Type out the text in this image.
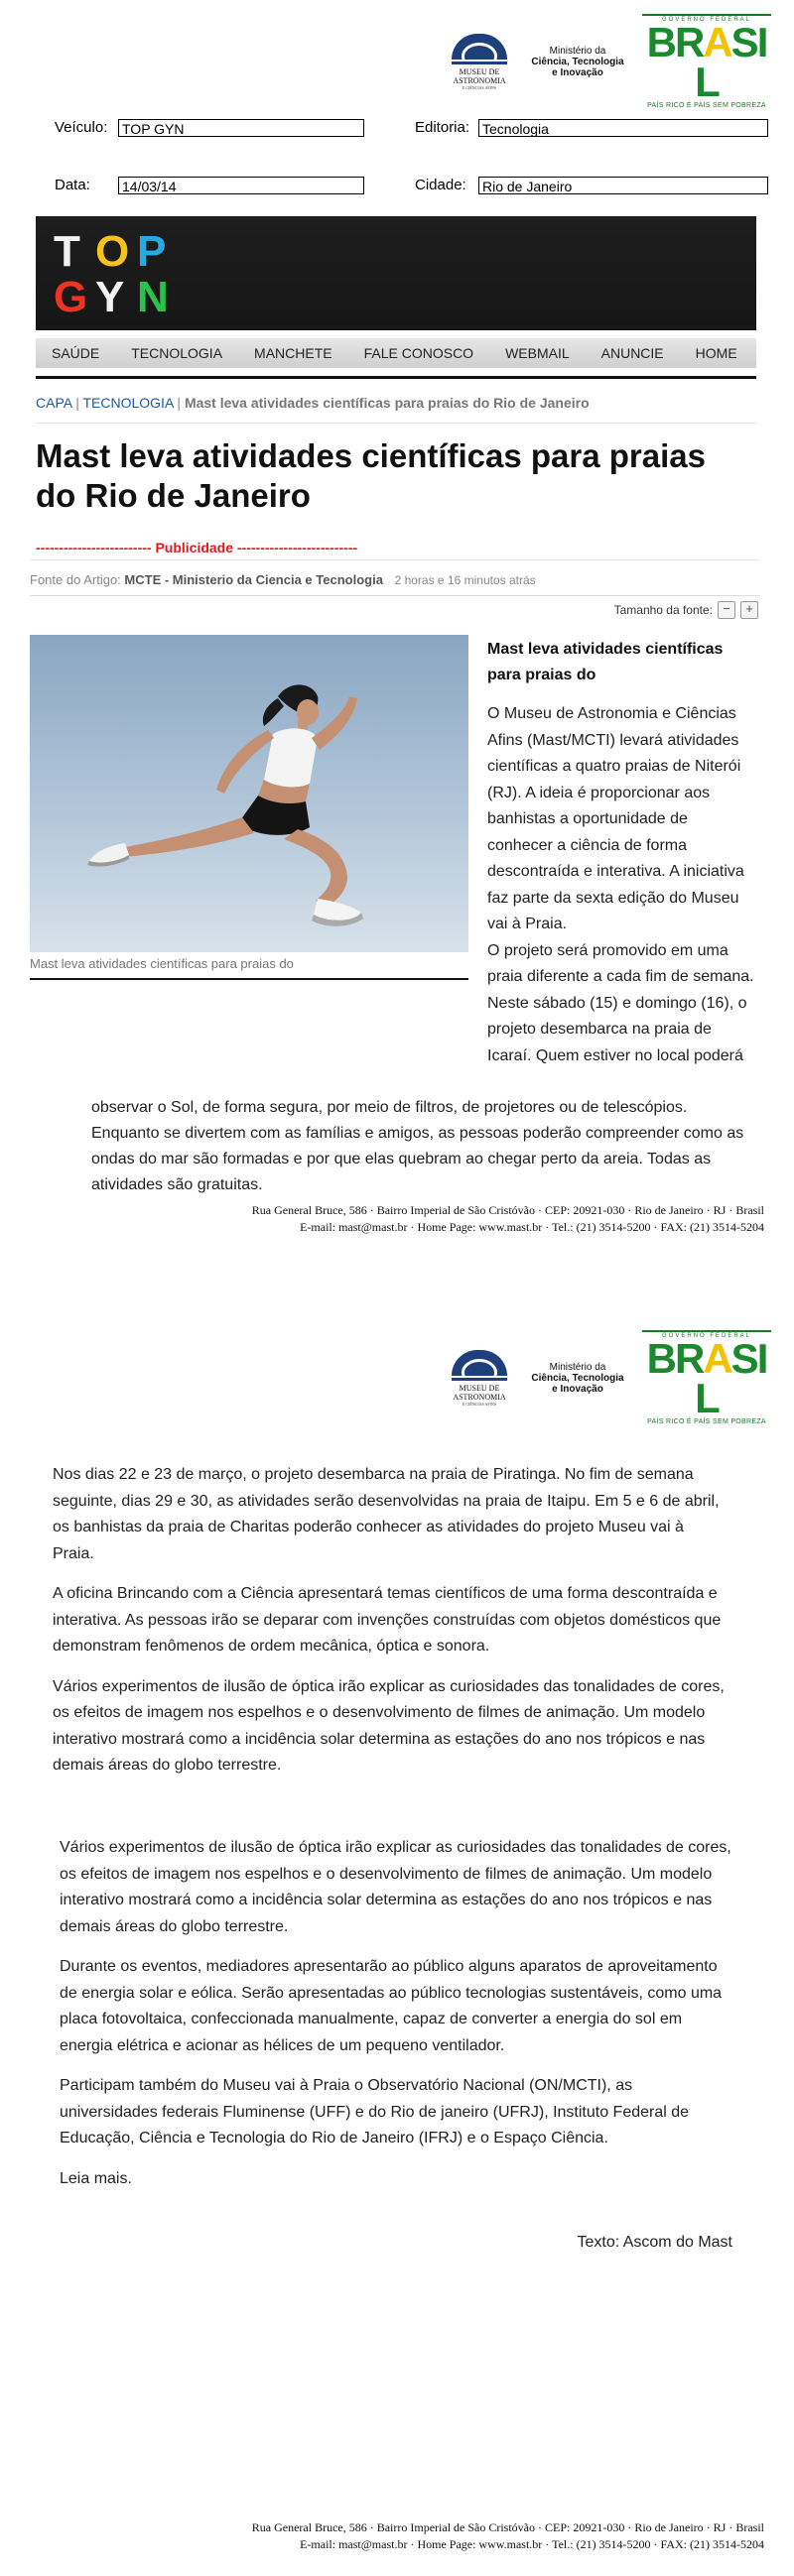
MUSEU DE
ASTRONOMIA
E CIÊNCIAS AFINS
Ministério da
Ciência, Tecnologia
e Inovação
GOVERNO FEDERAL
BRASIL
PAÍS RICO É PAÍS SEM POBREZA
Veículo: TOP GYN	Editoria: Tecnologia
Data: 14/03/14	Cidade: Rio de Janeiro
T O P
G Y N
SAÚDE	TECNOLOGIA	MANCHETE	FALE CONOSCO	WEBMAIL	ANUNCIE	HOME
CAPA | TECNOLOGIA | Mast leva atividades científicas para praias do Rio de Janeiro
Mast leva atividades científicas para praias do Rio de Janeiro
------------------------- Publicidade --------------------------
Fonte do Artigo: MCTE - Ministerio da Ciencia e Tecnologia 2 horas e 16 minutos atrás
Tamanho da fonte: −	+
Mast leva atividades científicas para praias do
Mast leva atividades científicas para praias do

O Museu de Astronomia e Ciências Afins (Mast/MCTI) levará atividades científicas a quatro praias de Niterói (RJ). A ideia é proporcionar aos banhistas a oportunidade de conhecer a ciência de forma descontraída e interativa. A iniciativa faz parte da sexta edição do Museu vai à Praia.

O projeto será promovido em uma praia diferente a cada fim de semana. Neste sábado (15) e domingo (16), o projeto desembarca na praia de Icaraí. Quem estiver no local poderá

observar o Sol, de forma segura, por meio de filtros, de projetores ou de telescópios. Enquanto se divertem com as famílias e amigos, as pessoas poderão compreender como as ondas do mar são formadas e por que elas quebram ao chegar perto da areia. Todas as atividades são gratuitas.
Rua General Bruce, 586 · Bairro Imperial de São Cristóvão · CEP: 20921-030 · Rio de Janeiro · RJ · Brasil
E-mail: mast@mast.br · Home Page: www.mast.br · Tel.: (21) 3514-5200 · FAX: (21) 3514-5204
MUSEU DE
ASTRONOMIA
E CIÊNCIAS AFINS
Ministério da
Ciência, Tecnologia
e Inovação
GOVERNO FEDERAL
BRASIL
PAÍS RICO É PAÍS SEM POBREZA

Nos dias 22 e 23 de março, o projeto desembarca na praia de Piratinga. No fim de semana seguinte, dias 29 e 30, as atividades serão desenvolvidas na praia de Itaipu. Em 5 e 6 de abril, os banhistas da praia de Charitas poderão conhecer as atividades do projeto Museu vai à Praia.

A oficina Brincando com a Ciência apresentará temas científicos de uma forma descontraída e interativa. As pessoas irão se deparar com invenções construídas com objetos domésticos que demonstram fenômenos de ordem mecânica, óptica e sonora.

Vários experimentos de ilusão de óptica irão explicar as curiosidades das tonalidades de cores, os efeitos de imagem nos espelhos e o desenvolvimento de filmes de animação. Um modelo interativo mostrará como a incidência solar determina as estações do ano nos trópicos e nas demais áreas do globo terrestre.

Vários experimentos de ilusão de óptica irão explicar as curiosidades das tonalidades de cores, os efeitos de imagem nos espelhos e o desenvolvimento de filmes de animação. Um modelo interativo mostrará como a incidência solar determina as estações do ano nos trópicos e nas demais áreas do globo terrestre.

Durante os eventos, mediadores apresentarão ao público alguns aparatos de aproveitamento de energia solar e eólica. Serão apresentadas ao público tecnologias sustentáveis, como uma placa fotovoltaica, confeccionada manualmente, capaz de converter a energia do sol em energia elétrica e acionar as hélices de um pequeno ventilador.

Participam também do Museu vai à Praia o Observatório Nacional (ON/MCTI), as universidades federais Fluminense (UFF) e do Rio de janeiro (UFRJ), Instituto Federal de Educação, Ciência e Tecnologia do Rio de Janeiro (IFRJ) e o Espaço Ciência.

Leia mais.

Texto: Ascom do Mast
Rua General Bruce, 586 · Bairro Imperial de São Cristóvão · CEP: 20921-030 · Rio de Janeiro · RJ · Brasil
E-mail: mast@mast.br · Home Page: www.mast.br · Tel.: (21) 3514-5200 · FAX: (21) 3514-5204
